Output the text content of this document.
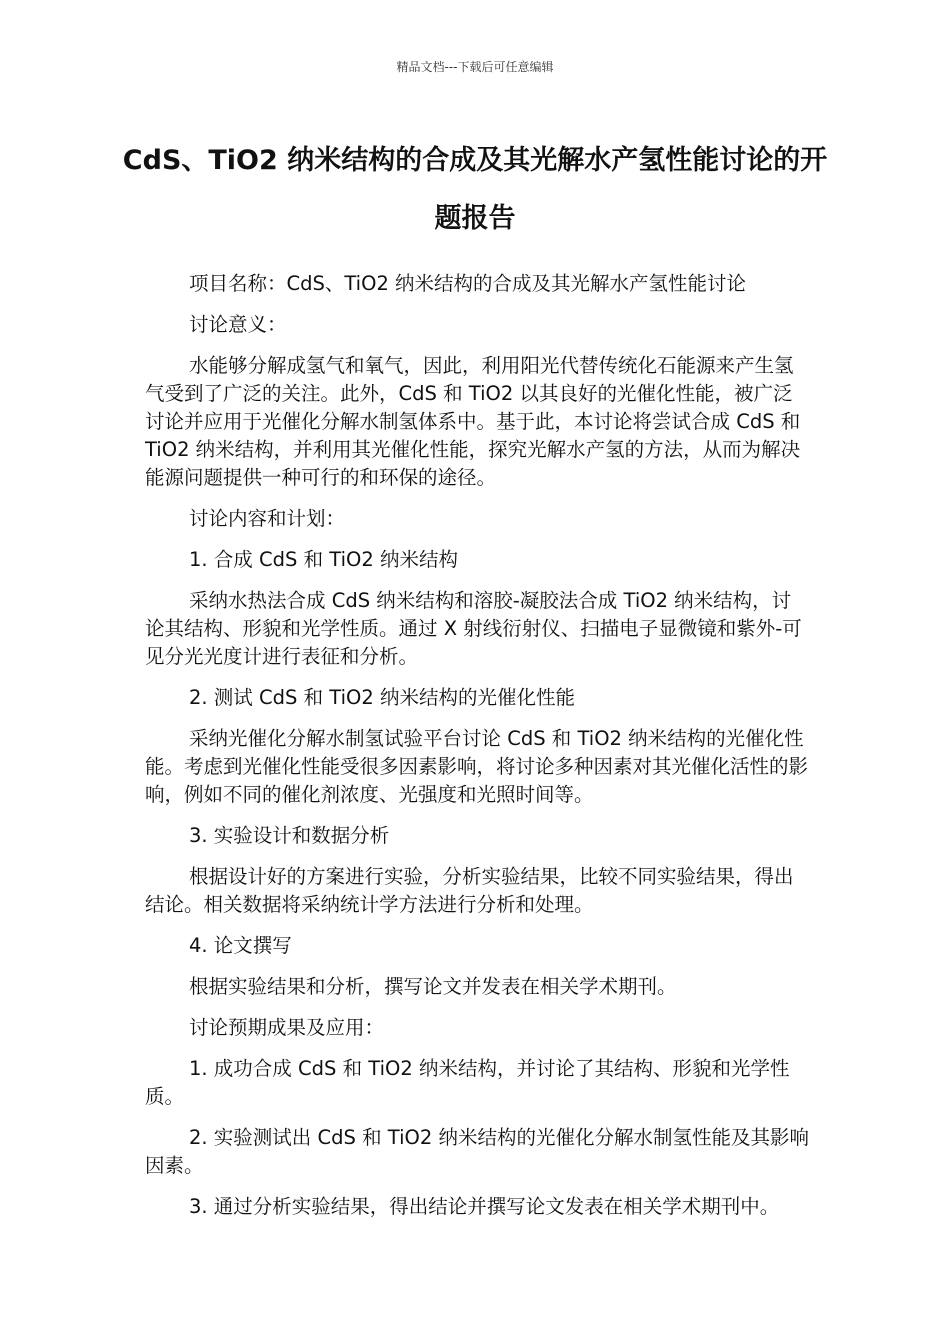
精品文档---下载后可任意编辑
CdS、TiO2 纳米结构的合成及其光解水产氢性能讨论的开题报告

项目名称：CdS、TiO2 纳米结构的合成及其光解水产氢性能讨论

讨论意义：

水能够分解成氢气和氧气，因此，利用阳光代替传统化石能源来产生氢气受到了广泛的关注。此外，CdS 和 TiO2 以其良好的光催化性能，被广泛讨论并应用于光催化分解水制氢体系中。基于此，本讨论将尝试合成 CdS 和 TiO2 纳米结构，并利用其光催化性能，探究光解水产氢的方法，从而为解决能源问题提供一种可行的和环保的途径。

讨论内容和计划：

1. 合成 CdS 和 TiO2 纳米结构

采纳水热法合成 CdS 纳米结构和溶胶-凝胶法合成 TiO2 纳米结构，讨论其结构、形貌和光学性质。通过 X 射线衍射仪、扫描电子显微镜和紫外-可见分光光度计进行表征和分析。

2. 测试 CdS 和 TiO2 纳米结构的光催化性能

采纳光催化分解水制氢试验平台讨论 CdS 和 TiO2 纳米结构的光催化性能。考虑到光催化性能受很多因素影响，将讨论多种因素对其光催化活性的影响，例如不同的催化剂浓度、光强度和光照时间等。

3. 实验设计和数据分析

根据设计好的方案进行实验，分析实验结果，比较不同实验结果，得出结论。相关数据将采纳统计学方法进行分析和处理。

4. 论文撰写

根据实验结果和分析，撰写论文并发表在相关学术期刊。

讨论预期成果及应用：

1. 成功合成 CdS 和 TiO2 纳米结构，并讨论了其结构、形貌和光学性质。

2. 实验测试出 CdS 和 TiO2 纳米结构的光催化分解水制氢性能及其影响因素。

3. 通过分析实验结果，得出结论并撰写论文发表在相关学术期刊中。
